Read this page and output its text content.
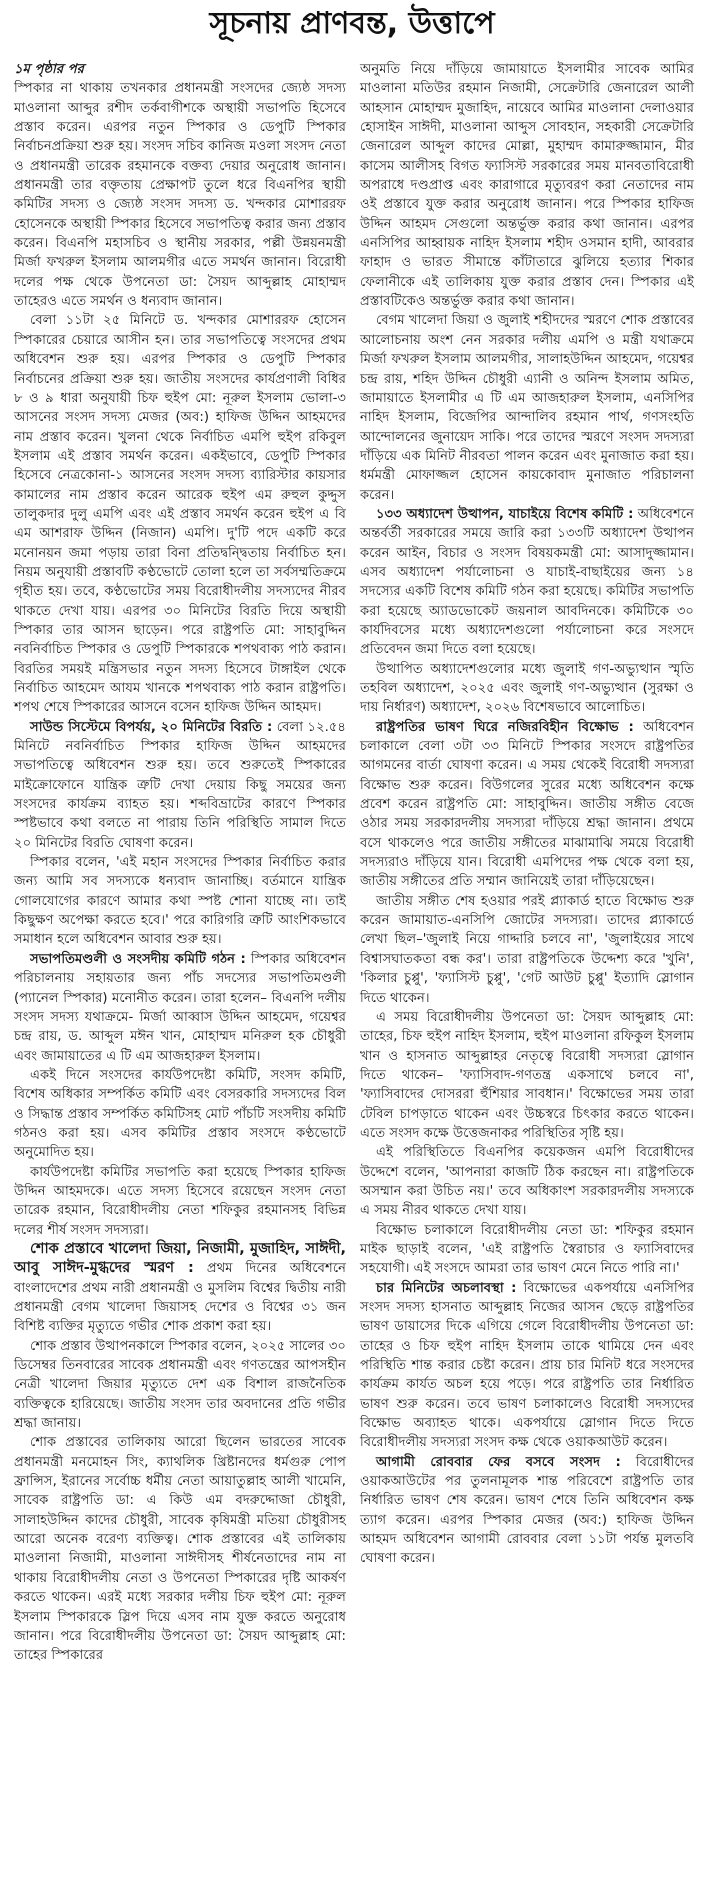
সূচনায় প্রাণবন্ত, উত্তাপে
১ম পৃষ্ঠার পর

স্পিকার না থাকায় তখনকার প্রধানমন্ত্রী সংসদের জ্যেষ্ঠ সদস্য মাওলানা আব্দুর রশীদ তর্কবাগীশকে অস্থায়ী সভাপতি হিসেবে প্রস্তাব করেন। এরপর নতুন স্পিকার ও ডেপুটি স্পিকার নির্বাচনপ্রক্রিয়া শুরু হয়। সংসদ সচিব কানিজ মওলা সংসদ নেতা ও প্রধানমন্ত্রী তারেক রহমানকে বক্তব্য দেয়ার অনুরোধ জানান। প্রধানমন্ত্রী তার বক্তৃতায় প্রেক্ষাপট তুলে ধরে বিএনপির স্থায়ী কমিটির সদস্য ও জ্যেষ্ঠ সংসদ সদস্য ড. খন্দকার মোশাররফ হোসেনকে অস্থায়ী স্পিকার হিসেবে সভাপতিত্ব করার জন্য প্রস্তাব করেন। বিএনপি মহাসচিব ও স্থানীয় সরকার, পল্লী উন্নয়নমন্ত্রী মির্জা ফখরুল ইসলাম আলমগীর এতে সমর্থন জানান। বিরোধী দলের পক্ষ থেকে উপনেতা ডা: সৈয়দ আব্দুল্লাহ মোহাম্মদ তাহেরও এতে সমর্থন ও ধন্যবাদ জানান।

বেলা ১১টা ২৫ মিনিটে ড. খন্দকার মোশাররফ হোসেন স্পিকারের চেয়ারে আসীন হন। তার সভাপতিত্বে সংসদের প্রথম অধিবেশন শুরু হয়। এরপর স্পিকার ও ডেপুটি স্পিকার নির্বাচনের প্রক্রিয়া শুরু হয়। জাতীয় সংসদের কার্যপ্রণালী বিধির ৮ ও ৯ ধারা অনুযায়ী চিফ হুইপ মো: নূরুল ইসলাম ভোলা-৩ আসনের সংসদ সদস্য মেজর (অব:) হাফিজ উদ্দিন আহমদের নাম প্রস্তাব করেন। খুলনা থেকে নির্বাচিত এমপি হুইপ রকিবুল ইসলাম এই প্রস্তাব সমর্থন করেন। একইভাবে, ডেপুটি স্পিকার হিসেবে নেত্রকোনা-১ আসনের সংসদ সদস্য ব্যারিস্টার কায়সার কামালের নাম প্রস্তাব করেন আরেক হুইপ এম রুহুল কুদ্দুস তালুকদার দুলু এমপি এবং এই প্রস্তাব সমর্থন করেন হুইপ এ বি এম আশরাফ উদ্দিন (নিজান) এমপি। দু'টি পদে একটি করে মনোনয়ন জমা পড়ায় তারা বিনা প্রতিদ্বন্দ্বিতায় নির্বাচিত হন। নিয়ম অনুযায়ী প্রস্তাবটি কণ্ঠভোটে তোলা হলে তা সর্বসম্মতিক্রমে গৃহীত হয়। তবে, কণ্ঠভোটের সময় বিরোধীদলীয় সদস্যদের নীরব থাকতে দেখা যায়। এরপর ৩০ মিনিটের বিরতি দিয়ে অস্থায়ী স্পিকার তার আসন ছাড়েন। পরে রাষ্ট্রপতি মো: সাহাবুদ্দিন নবনির্বাচিত স্পিকার ও ডেপুটি স্পিকারকে শপথবাক্য পাঠ করান। বিরতির সময়ই মন্ত্রিসভার নতুন সদস্য হিসেবে টাঙ্গাইল থেকে নির্বাচিত আহমেদ আযম খানকে শপথবাক্য পাঠ করান রাষ্ট্রপতি। শপথ শেষে স্পিকারের আসনে বসেন হাফিজ উদ্দিন আহমদ।

সাউন্ড সিস্টেমে বিপর্যয়, ২০ মিনিটের বিরতি : বেলা ১২.৫৪ মিনিটে নবনির্বাচিত স্পিকার হাফিজ উদ্দিন আহমদের সভাপতিত্বে অধিবেশন শুরু হয়। তবে শুরুতেই স্পিকারের মাইক্রোফোনে যান্ত্রিক ত্রুটি দেখা দেয়ায় কিছু সময়ের জন্য সংসদের কার্যক্রম ব্যাহত হয়। শব্দবিভ্রাটের কারণে স্পিকার স্পষ্টভাবে কথা বলতে না পারায় তিনি পরিস্থিতি সামাল দিতে ২০ মিনিটের বিরতি ঘোষণা করেন।

স্পিকার বলেন, 'এই মহান সংসদের স্পিকার নির্বাচিত করার জন্য আমি সব সদস্যকে ধন্যবাদ জানাচ্ছি। বর্তমানে যান্ত্রিক গোলযোগের কারণে আমার কথা স্পষ্ট শোনা যাচ্ছে না। তাই কিছুক্ষণ অপেক্ষা করতে হবে।' পরে কারিগরি ত্রুটি আংশিকভাবে সমাধান হলে অধিবেশন আবার শুরু হয়।

সভাপতিমণ্ডলী ও সংসদীয় কমিটি গঠন : স্পিকার অধিবেশন পরিচালনায় সহায়তার জন্য পাঁচ সদস্যের সভাপতিমণ্ডলী (প্যানেল স্পিকার) মনোনীত করেন। তারা হলেন– বিএনপি দলীয় সংসদ সদস্য যথাক্রমে- মির্জা আব্বাস উদ্দিন আহমেদ, গয়েশ্বর চন্দ্র রায়, ড. আব্দুল মঈন খান, মোহাম্মদ মনিরুল হক চৌধুরী এবং জামায়াতের এ টি এম আজহারুল ইসলাম।

একই দিনে সংসদের কার্যউপদেষ্টা কমিটি, সংসদ কমিটি, বিশেষ অধিকার সম্পর্কিত কমিটি এবং বেসরকারি সদস্যদের বিল ও সিদ্ধান্ত প্রস্তাব সম্পর্কিত কমিটিসহ মোট পাঁচটি সংসদীয় কমিটি গঠনও করা হয়। এসব কমিটির প্রস্তাব সংসদে কণ্ঠভোটে অনুমোদিত হয়।

কার্যউপদেষ্টা কমিটির সভাপতি করা হয়েছে স্পিকার হাফিজ উদ্দিন আহমদকে। এতে সদস্য হিসেবে রয়েছেন সংসদ নেতা তারেক রহমান, বিরোধীদলীয় নেতা শফিকুর রহমানসহ বিভিন্ন দলের শীর্ষ সংসদ সদস্যরা।

শোক প্রস্তাবে খালেদা জিয়া, নিজামী, মুজাহিদ, সাঈদী, আবু সাঈদ-মুগ্ধদের স্মরণ : প্রথম দিনের অধিবেশনে বাংলাদেশের প্রথম নারী প্রধানমন্ত্রী ও মুসলিম বিশ্বের দ্বিতীয় নারী প্রধানমন্ত্রী বেগম খালেদা জিয়াসহ দেশের ও বিশ্বের ৩১ জন বিশিষ্ট ব্যক্তির মৃত্যুতে গভীর শোক প্রকাশ করা হয়।

শোক প্রস্তাব উত্থাপনকালে স্পিকার বলেন, ২০২৫ সালের ৩০ ডিসেম্বর তিনবারের সাবেক প্রধানমন্ত্রী এবং গণতন্ত্রের আপসহীন নেত্রী খালেদা জিয়ার মৃত্যুতে দেশ এক বিশাল রাজনৈতিক ব্যক্তিত্বকে হারিয়েছে। জাতীয় সংসদ তার অবদানের প্রতি গভীর শ্রদ্ধা জানায়।

শোক প্রস্তাবের তালিকায় আরো ছিলেন ভারতের সাবেক প্রধানমন্ত্রী মনমোহন সিং, ক্যাথলিক খ্রিষ্টানদের ধর্মগুরু পোপ ফ্রান্সিস, ইরানের সর্বোচ্চ ধর্মীয় নেতা আয়াতুল্লাহ আলী খামেনি, সাবেক রাষ্ট্রপতি ডা: এ কিউ এম বদরুদ্দোজা চৌধুরী, সালাহউদ্দিন কাদের চৌধুরী, সাবেক কৃষিমন্ত্রী মতিয়া চৌধুরীসহ আরো অনেক বরেণ্য ব্যক্তিত্ব। শোক প্রস্তাবের এই তালিকায় মাওলানা নিজামী, মাওলানা সাঈদীসহ শীর্ষনেতাদের নাম না থাকায় বিরোধীদলীয় নেতা ও উপনেতা স্পিকারের দৃষ্টি আকর্ষণ করতে থাকেন। এরই মধ্যে সরকার দলীয় চিফ হুইপ মো: নূরুল ইসলাম স্পিকারকে স্লিপ দিয়ে এসব নাম যুক্ত করতে অনুরোধ জানান। পরে বিরোধীদলীয় উপনেতা ডা: সৈয়দ আব্দুল্লাহ মো: তাহের স্পিকারের

অনুমতি নিয়ে দাঁড়িয়ে জামায়াতে ইসলামীর সাবেক আমির মাওলানা মতিউর রহমান নিজামী, সেক্রেটারি জেনারেল আলী আহসান মোহাম্মদ মুজাহিদ, নায়েবে আমির মাওলানা দেলাওয়ার হোসাইন সাঈদী, মাওলানা আব্দুস সোবহান, সহকারী সেক্রেটারি জেনারেল আব্দুল কাদের মোল্লা, মুহাম্মদ কামারুজ্জামান, মীর কাসেম আলীসহ বিগত ফ্যাসিস্ট সরকারের সময় মানবতাবিরোধী অপরাধে দণ্ডপ্রাপ্ত এবং কারাগারে মৃত্যুবরণ করা নেতাদের নাম ওই প্রস্তাবে যুক্ত করার অনুরোধ জানান। পরে স্পিকার হাফিজ উদ্দিন আহমদ সেগুলো অন্তর্ভুক্ত করার কথা জানান। এরপর এনসিপির আহ্বায়ক নাহিদ ইসলাম শহীদ ওসমান হাদী, আবরার ফাহাদ ও ভারত সীমান্তে কাঁটাতারে ঝুলিয়ে হত্যার শিকার ফেলানীকে এই তালিকায় যুক্ত করার প্রস্তাব দেন। স্পিকার এই প্রস্তাবটিকেও অন্তর্ভুক্ত করার কথা জানান।

বেগম খালেদা জিয়া ও জুলাই শহীদদের স্মরণে শোক প্রস্তাবের আলোচনায় অংশ নেন সরকার দলীয় এমপি ও মন্ত্রী যথাক্রমে মির্জা ফখরুল ইসলাম আলমগীর, সালাহউদ্দিন আহমেদ, গয়েশ্বর চন্দ্র রায়, শহিদ উদ্দিন চৌধুরী এ্যানী ও অনিন্দ ইসলাম অমিত, জামায়াতে ইসলামীর এ টি এম আজহারুল ইসলাম, এনসিপির নাহিদ ইসলাম, বিজেপির আন্দালিব রহমান পার্থ, গণসংহতি আন্দোলনের জুনায়েদ সাকি। পরে তাদের স্মরণে সংসদ সদস্যরা দাঁড়িয়ে এক মিনিট নীরবতা পালন করেন এবং মুনাজাত করা হয়। ধর্মমন্ত্রী মোফাজ্জল হোসেন কায়কোবাদ মুনাজাত পরিচালনা করেন।

১৩৩ অধ্যাদেশ উত্থাপন, যাচাইয়ে বিশেষ কমিটি : অধিবেশনে অন্তর্বর্তী সরকারের সময়ে জারি করা ১৩৩টি অধ্যাদেশ উত্থাপন করেন আইন, বিচার ও সংসদ বিষয়কমন্ত্রী মো: আসাদুজ্জামান। এসব অধ্যাদেশ পর্যালোচনা ও যাচাই-বাছাইয়ের জন্য ১৪ সদস্যের একটি বিশেষ কমিটি গঠন করা হয়েছে। কমিটির সভাপতি করা হয়েছে অ্যাডভোকেট জয়নাল আবদিনকে। কমিটিকে ৩০ কার্যদিবসের মধ্যে অধ্যাদেশগুলো পর্যালোচনা করে সংসদে প্রতিবেদন জমা দিতে বলা হয়েছে।

উত্থাপিত অধ্যাদেশগুলোর মধ্যে জুলাই গণ-অভ্যুত্থান স্মৃতি তহবিল অধ্যাদেশ, ২০২৫ এবং জুলাই গণ-অভ্যুত্থান (সুরক্ষা ও দায় নির্ধারণ) অধ্যাদেশ, ২০২৬ বিশেষভাবে আলোচিত।

রাষ্ট্রপতির ভাষণ ঘিরে নজিরবিহীন বিক্ষোভ : অধিবেশন চলাকালে বেলা ৩টা ৩৩ মিনিটে স্পিকার সংসদে রাষ্ট্রপতির আগমনের বার্তা ঘোষণা করেন। এ সময় থেকেই বিরোধী সদস্যরা বিক্ষোভ শুরু করেন। বিউগলের সুরের মধ্যে অধিবেশন কক্ষে প্রবেশ করেন রাষ্ট্রপতি মো: সাহাবুদ্দিন। জাতীয় সঙ্গীত বেজে ওঠার সময় সরকারদলীয় সদস্যরা দাঁড়িয়ে শ্রদ্ধা জানান। প্রথমে বসে থাকলেও পরে জাতীয় সঙ্গীতের মাঝামাঝি সময়ে বিরোধী সদস্যরাও দাঁড়িয়ে যান। বিরোধী এমপিদের পক্ষ থেকে বলা হয়, জাতীয় সঙ্গীতের প্রতি সম্মান জানিয়েই তারা দাঁড়িয়েছেন।

জাতীয় সঙ্গীত শেষ হওয়ার পরই প্ল্যাকার্ড হাতে বিক্ষোভ শুরু করেন জামায়াত-এনসিপি জোটের সদস্যরা। তাদের প্ল্যাকার্ডে লেখা ছিল–'জুলাই নিয়ে গাদ্দারি চলবে না', 'জুলাইয়ের সাথে বিশ্বাসঘাতকতা বন্ধ কর'। তারা রাষ্ট্রপতিকে উদ্দেশ্য করে 'খুনি', 'কিলার চুপ্পু', 'ফ্যাসিস্ট চুপ্পু', 'গেট আউট চুপ্পু' ইত্যাদি স্লোগান দিতে থাকেন।

এ সময় বিরোধীদলীয় উপনেতা ডা: সৈয়দ আব্দুল্লাহ মো: তাহের, চিফ হুইপ নাহিদ ইসলাম, হুইপ মাওলানা রফিকুল ইসলাম খান ও হাসনাত আব্দুল্লাহর নেতৃত্বে বিরোধী সদস্যরা স্লোগান দিতে থাকেন– 'ফ্যাসিবাদ-গণতন্ত্র একসাথে চলবে না', 'ফ্যাসিবাদের দোসররা হুঁশিয়ার সাবধান।' বিক্ষোভের সময় তারা টেবিল চাপড়াতে থাকেন এবং উচ্চস্বরে চিৎকার করতে থাকেন। এতে সংসদ কক্ষে উত্তেজনাকর পরিস্থিতির সৃষ্টি হয়।

এই পরিস্থিতিতে বিএনপির কয়েকজন এমপি বিরোধীদের উদ্দেশে বলেন, 'আপনারা কাজটি ঠিক করছেন না। রাষ্ট্রপতিকে অসম্মান করা উচিত নয়।' তবে অধিকাংশ সরকারদলীয় সদস্যকে এ সময় নীরব থাকতে দেখা যায়।

বিক্ষোভ চলাকালে বিরোধীদলীয় নেতা ডা: শফিকুর রহমান মাইক ছাড়াই বলেন, 'এই রাষ্ট্রপতি স্বৈরাচার ও ফ্যাসিবাদের সহযোগী। এই সংসদে আমরা তার ভাষণ মেনে নিতে পারি না।'

চার মিনিটের অচলাবস্থা : বিক্ষোভের একপর্যায়ে এনসিপির সংসদ সদস্য হাসনাত আব্দুল্লাহ নিজের আসন ছেড়ে রাষ্ট্রপতির ভাষণ ডায়াসের দিকে এগিয়ে গেলে বিরোধীদলীয় উপনেতা ডা: তাহের ও চিফ হুইপ নাহিদ ইসলাম তাকে থামিয়ে দেন এবং পরিস্থিতি শান্ত করার চেষ্টা করেন। প্রায় চার মিনিট ধরে সংসদের কার্যক্রম কার্যত অচল হয়ে পড়ে। পরে রাষ্ট্রপতি তার নির্ধারিত ভাষণ শুরু করেন। তবে ভাষণ চলাকালেও বিরোধী সদস্যদের বিক্ষোভ অব্যাহত থাকে। একপর্যায়ে স্লোগান দিতে দিতে বিরোধীদলীয় সদস্যরা সংসদ কক্ষ থেকে ওয়াকআউট করেন।

আগামী রোববার ফের বসবে সংসদ : বিরোধীদের ওয়াকআউটের পর তুলনামূলক শান্ত পরিবেশে রাষ্ট্রপতি তার নির্ধারিত ভাষণ শেষ করেন। ভাষণ শেষে তিনি অধিবেশন কক্ষ ত্যাগ করেন। এরপর স্পিকার মেজর (অব:) হাফিজ উদ্দিন আহমদ অধিবেশন আগামী রোববার বেলা ১১টা পর্যন্ত মুলতবি ঘোষণা করেন।
